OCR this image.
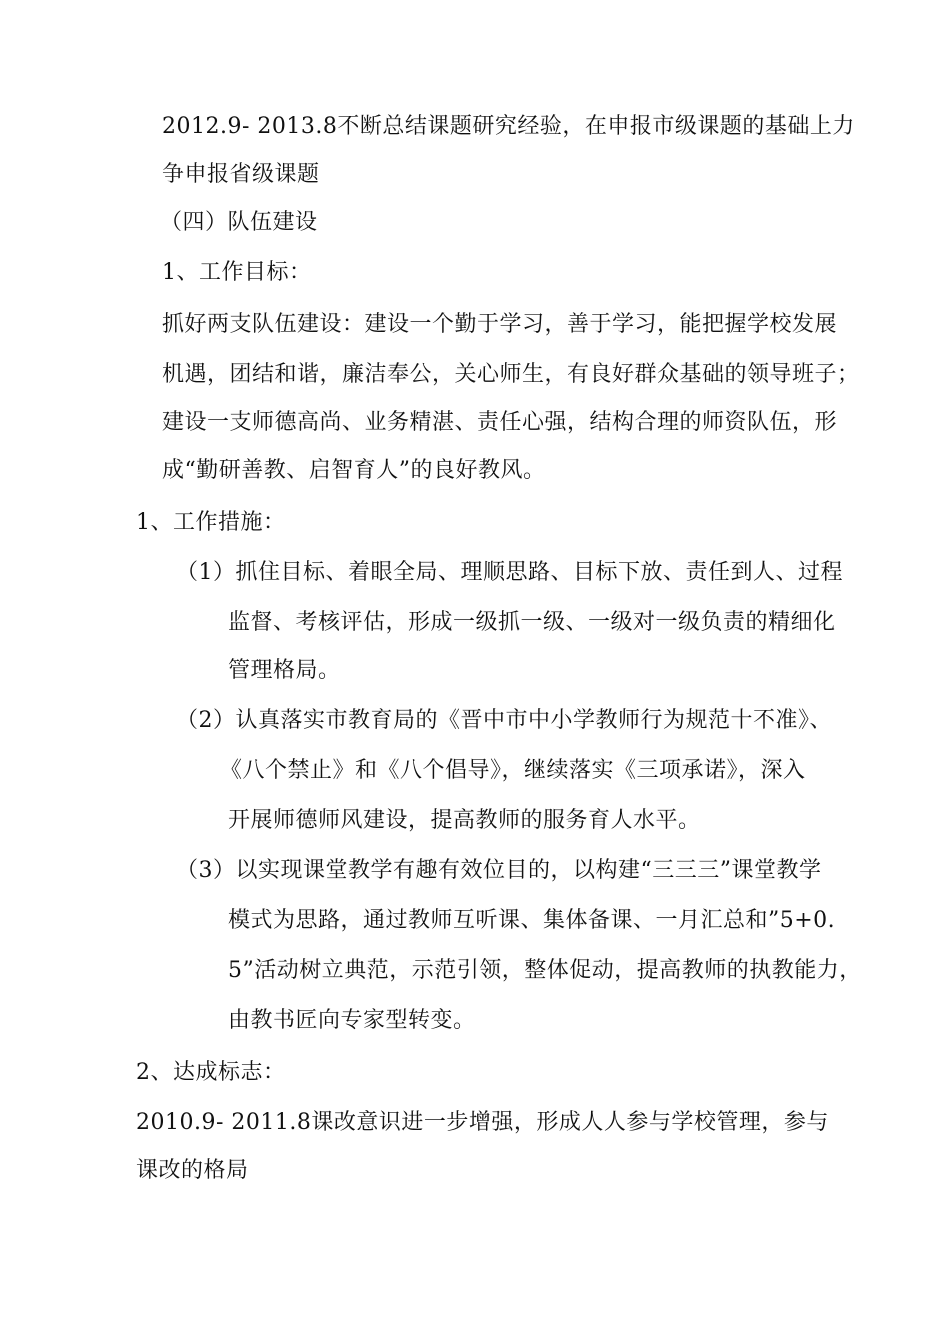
2012.9- 2013.8不断总结课题研究经验，在申报市级课题的基础上力
争申报省级课题
（四）队伍建设
1、工作目标：
抓好两支队伍建设：建设一个勤于学习，善于学习，能把握学校发展
机遇，团结和谐，廉洁奉公，关心师生，有良好群众基础的领导班子；
建设一支师德高尚、业务精湛、责任心强，结构合理的师资队伍，形
成“勤研善教、启智育人”的良好教风。
1、工作措施：
（1）抓住目标、着眼全局、理顺思路、目标下放、责任到人、过程
监督、考核评估，形成一级抓一级、一级对一级负责的精细化
管理格局。
（2）认真落实市教育局的《晋中市中小学教师行为规范十不准》、
《八个禁止》和《八个倡导》，继续落实《三项承诺》，深入
开展师德师风建设，提高教师的服务育人水平。
（3）以实现课堂教学有趣有效位目的，以构建“三三三”课堂教学
模式为思路，通过教师互听课、集体备课、一月汇总和”5+0.
5”活动树立典范，示范引领，整体促动，提高教师的执教能力，
由教书匠向专家型转变。
2、达成标志：
2010.9- 2011.8课改意识进一步增强，形成人人参与学校管理，参与
课改的格局
